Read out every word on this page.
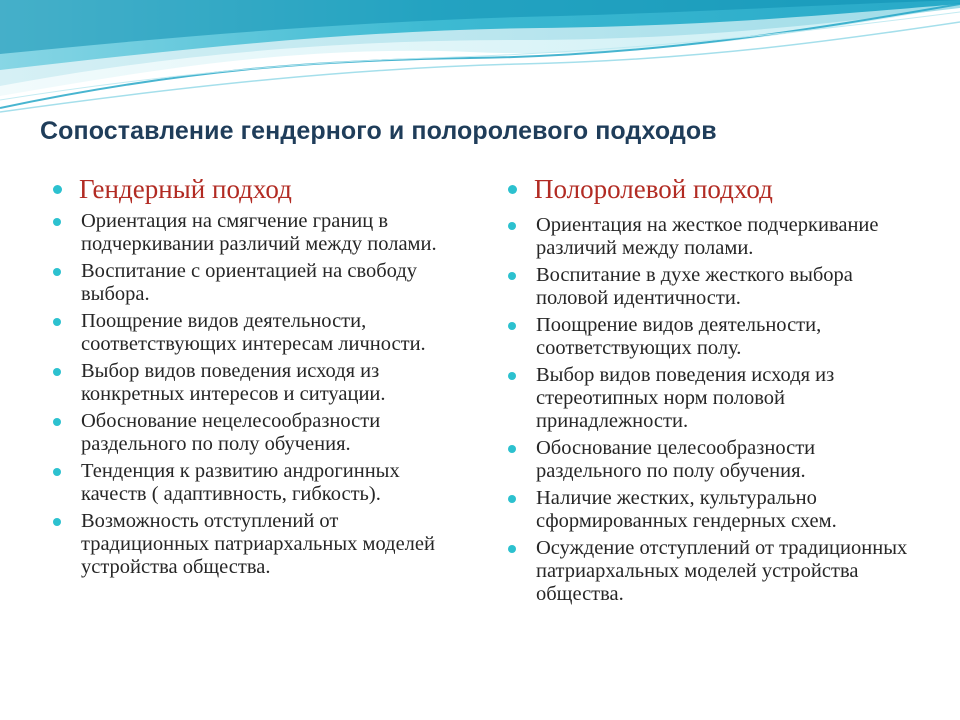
Сопоставление гендерного и полоролевого подходов
Гендерный подход
Ориентация на смягчение границ в подчеркивании различий между полами.
Воспитание с ориентацией на свободу выбора.
Поощрение видов деятельности, соответствующих интересам личности.
Выбор видов поведения исходя из конкретных интересов и ситуации.
Обоснование нецелесообразности раздельного по полу обучения.
Тенденция к развитию андрогинных качеств ( адаптивность, гибкость).
Возможность отступлений от традиционных патриархальных моделей устройства общества.
Полоролевой подход
Ориентация на жесткое подчеркивание различий между полами.
Воспитание в духе жесткого выбора половой идентичности.
Поощрение видов деятельности, соответствующих полу.
Выбор видов поведения исходя из стереотипных норм половой принадлежности.
Обоснование целесообразности раздельного по полу обучения.
Наличие жестких, культурально сформированных гендерных схем.
Осуждение отступлений от традиционных патриархальных моделей устройства общества.
